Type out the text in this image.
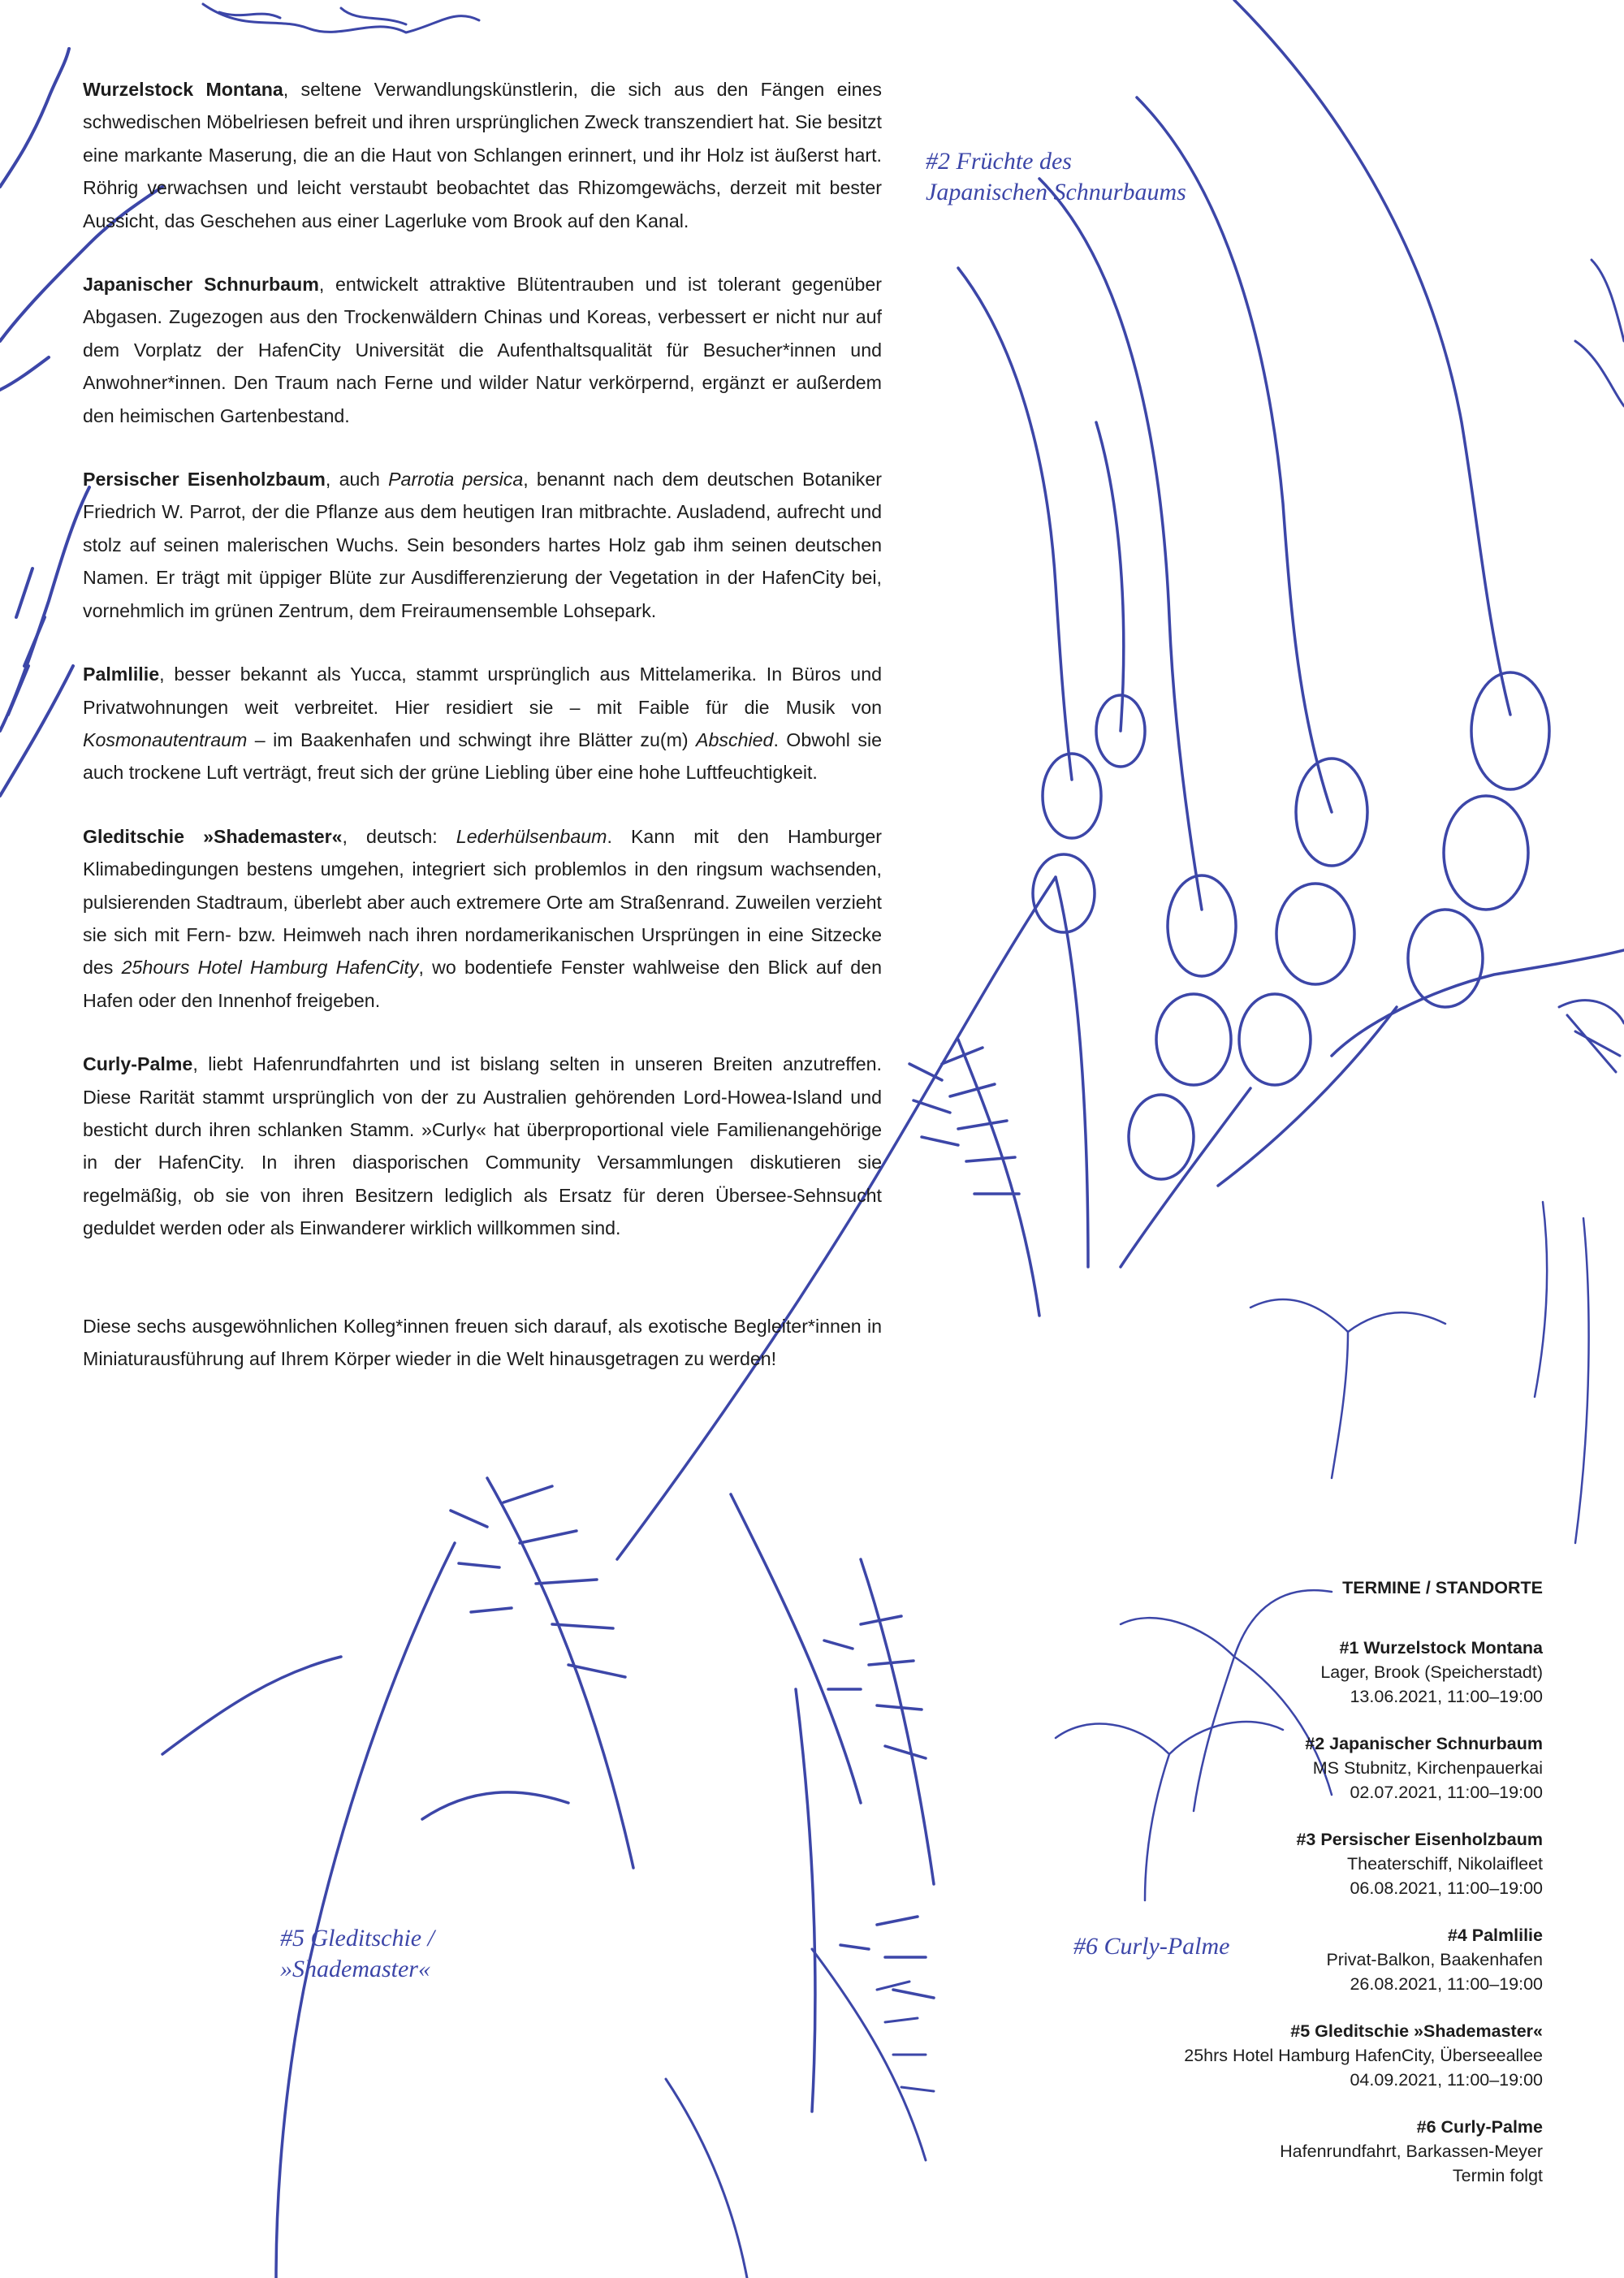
Wurzelstock Montana, seltene Verwandlungskünstlerin, die sich aus den Fängen eines schwedischen Möbelriesen befreit und ihren ursprünglichen Zweck transzendiert hat. Sie besitzt eine markante Maserung, die an die Haut von Schlangen erinnert, und ihr Holz ist äußerst hart. Röhrig verwachsen und leicht verstaubt beobachtet das Rhizomgewächs, derzeit mit bester Aussicht, das Geschehen aus einer Lagerluke vom Brook auf den Kanal.

Japanischer Schnurbaum, entwickelt attraktive Blütentrauben und ist tolerant gegenüber Abgasen. Zugezogen aus den Trockenwäldern Chinas und Koreas, verbessert er nicht nur auf dem Vorplatz der HafenCity Universität die Aufenthaltsqualität für Besucher*innen und Anwohner*innen. Den Traum nach Ferne und wilder Natur verkörpernd, ergänzt er außerdem den heimischen Gartenbestand.

Persischer Eisenholzbaum, auch Parrotia persica, benannt nach dem deutschen Botaniker Friedrich W. Parrot, der die Pflanze aus dem heutigen Iran mitbrachte. Ausladend, aufrecht und stolz auf seinen malerischen Wuchs. Sein besonders hartes Holz gab ihm seinen deutschen Namen. Er trägt mit üppiger Blüte zur Ausdifferenzierung der Vegetation in der HafenCity bei, vornehmlich im grünen Zentrum, dem Freiraumensemble Lohsepark.

Palmlilie, besser bekannt als Yucca, stammt ursprünglich aus Mittelamerika. In Büros und Privatwohnungen weit verbreitet. Hier residiert sie – mit Faible für die Musik von Kosmonautentraum – im Baakenhafen und schwingt ihre Blätter zu(m) Abschied. Obwohl sie auch trockene Luft verträgt, freut sich der grüne Liebling über eine hohe Luftfeuchtigkeit.

Gleditschie »Shademaster«, deutsch: Lederhülsenbaum. Kann mit den Hamburger Klimabedingungen bestens umgehen, integriert sich problemlos in den ringsum wachsenden, pulsierenden Stadtraum, überlebt aber auch extremere Orte am Straßenrand. Zuweilen verzieht sie sich mit Fern- bzw. Heimweh nach ihren nordamerikanischen Ursprüngen in eine Sitzecke des 25hours Hotel Hamburg HafenCity, wo bodentiefe Fenster wahlweise den Blick auf den Hafen oder den Innenhof freigeben.

Curly-Palme, liebt Hafenrundfahrten und ist bislang selten in unseren Breiten anzutreffen. Diese Rarität stammt ursprünglich von der zu Australien gehörenden Lord-Howea-Island und besticht durch ihren schlanken Stamm. »Curly« hat überproportional viele Familienangehörige in der HafenCity. In ihren diasporischen Community Versammlungen diskutieren sie regelmäßig, ob sie von ihren Besitzern lediglich als Ersatz für deren Übersee-Sehnsucht geduldet werden oder als Einwanderer wirklich willkommen sind.

Diese sechs ausgewöhnlichen Kolleg*innen freuen sich darauf, als exotische Begleiter*innen in Miniaturausführung auf Ihrem Körper wieder in die Welt hinausgetragen zu werden!

#2 Früchte des
Japanischen Schnurbaums
#5 Gleditschie /
»Shademaster«
#6 Curly-Palme
TERMINE / STANDORTE
#1 Wurzelstock Montana
Lager, Brook (Speicherstadt)
13.06.2021, 11:00–19:00
#2 Japanischer Schnurbaum
MS Stubnitz, Kirchenpauerkai
02.07.2021, 11:00–19:00
#3 Persischer Eisenholzbaum
Theaterschiff, Nikolaifleet
06.08.2021, 11:00–19:00
#4 Palmlilie
Privat-Balkon, Baakenhafen
26.08.2021, 11:00–19:00
#5 Gleditschie »Shademaster«
25hrs Hotel Hamburg HafenCity, Überseeallee
04.09.2021, 11:00–19:00
#6 Curly-Palme
Hafenrundfahrt, Barkassen-Meyer
Termin folgt
